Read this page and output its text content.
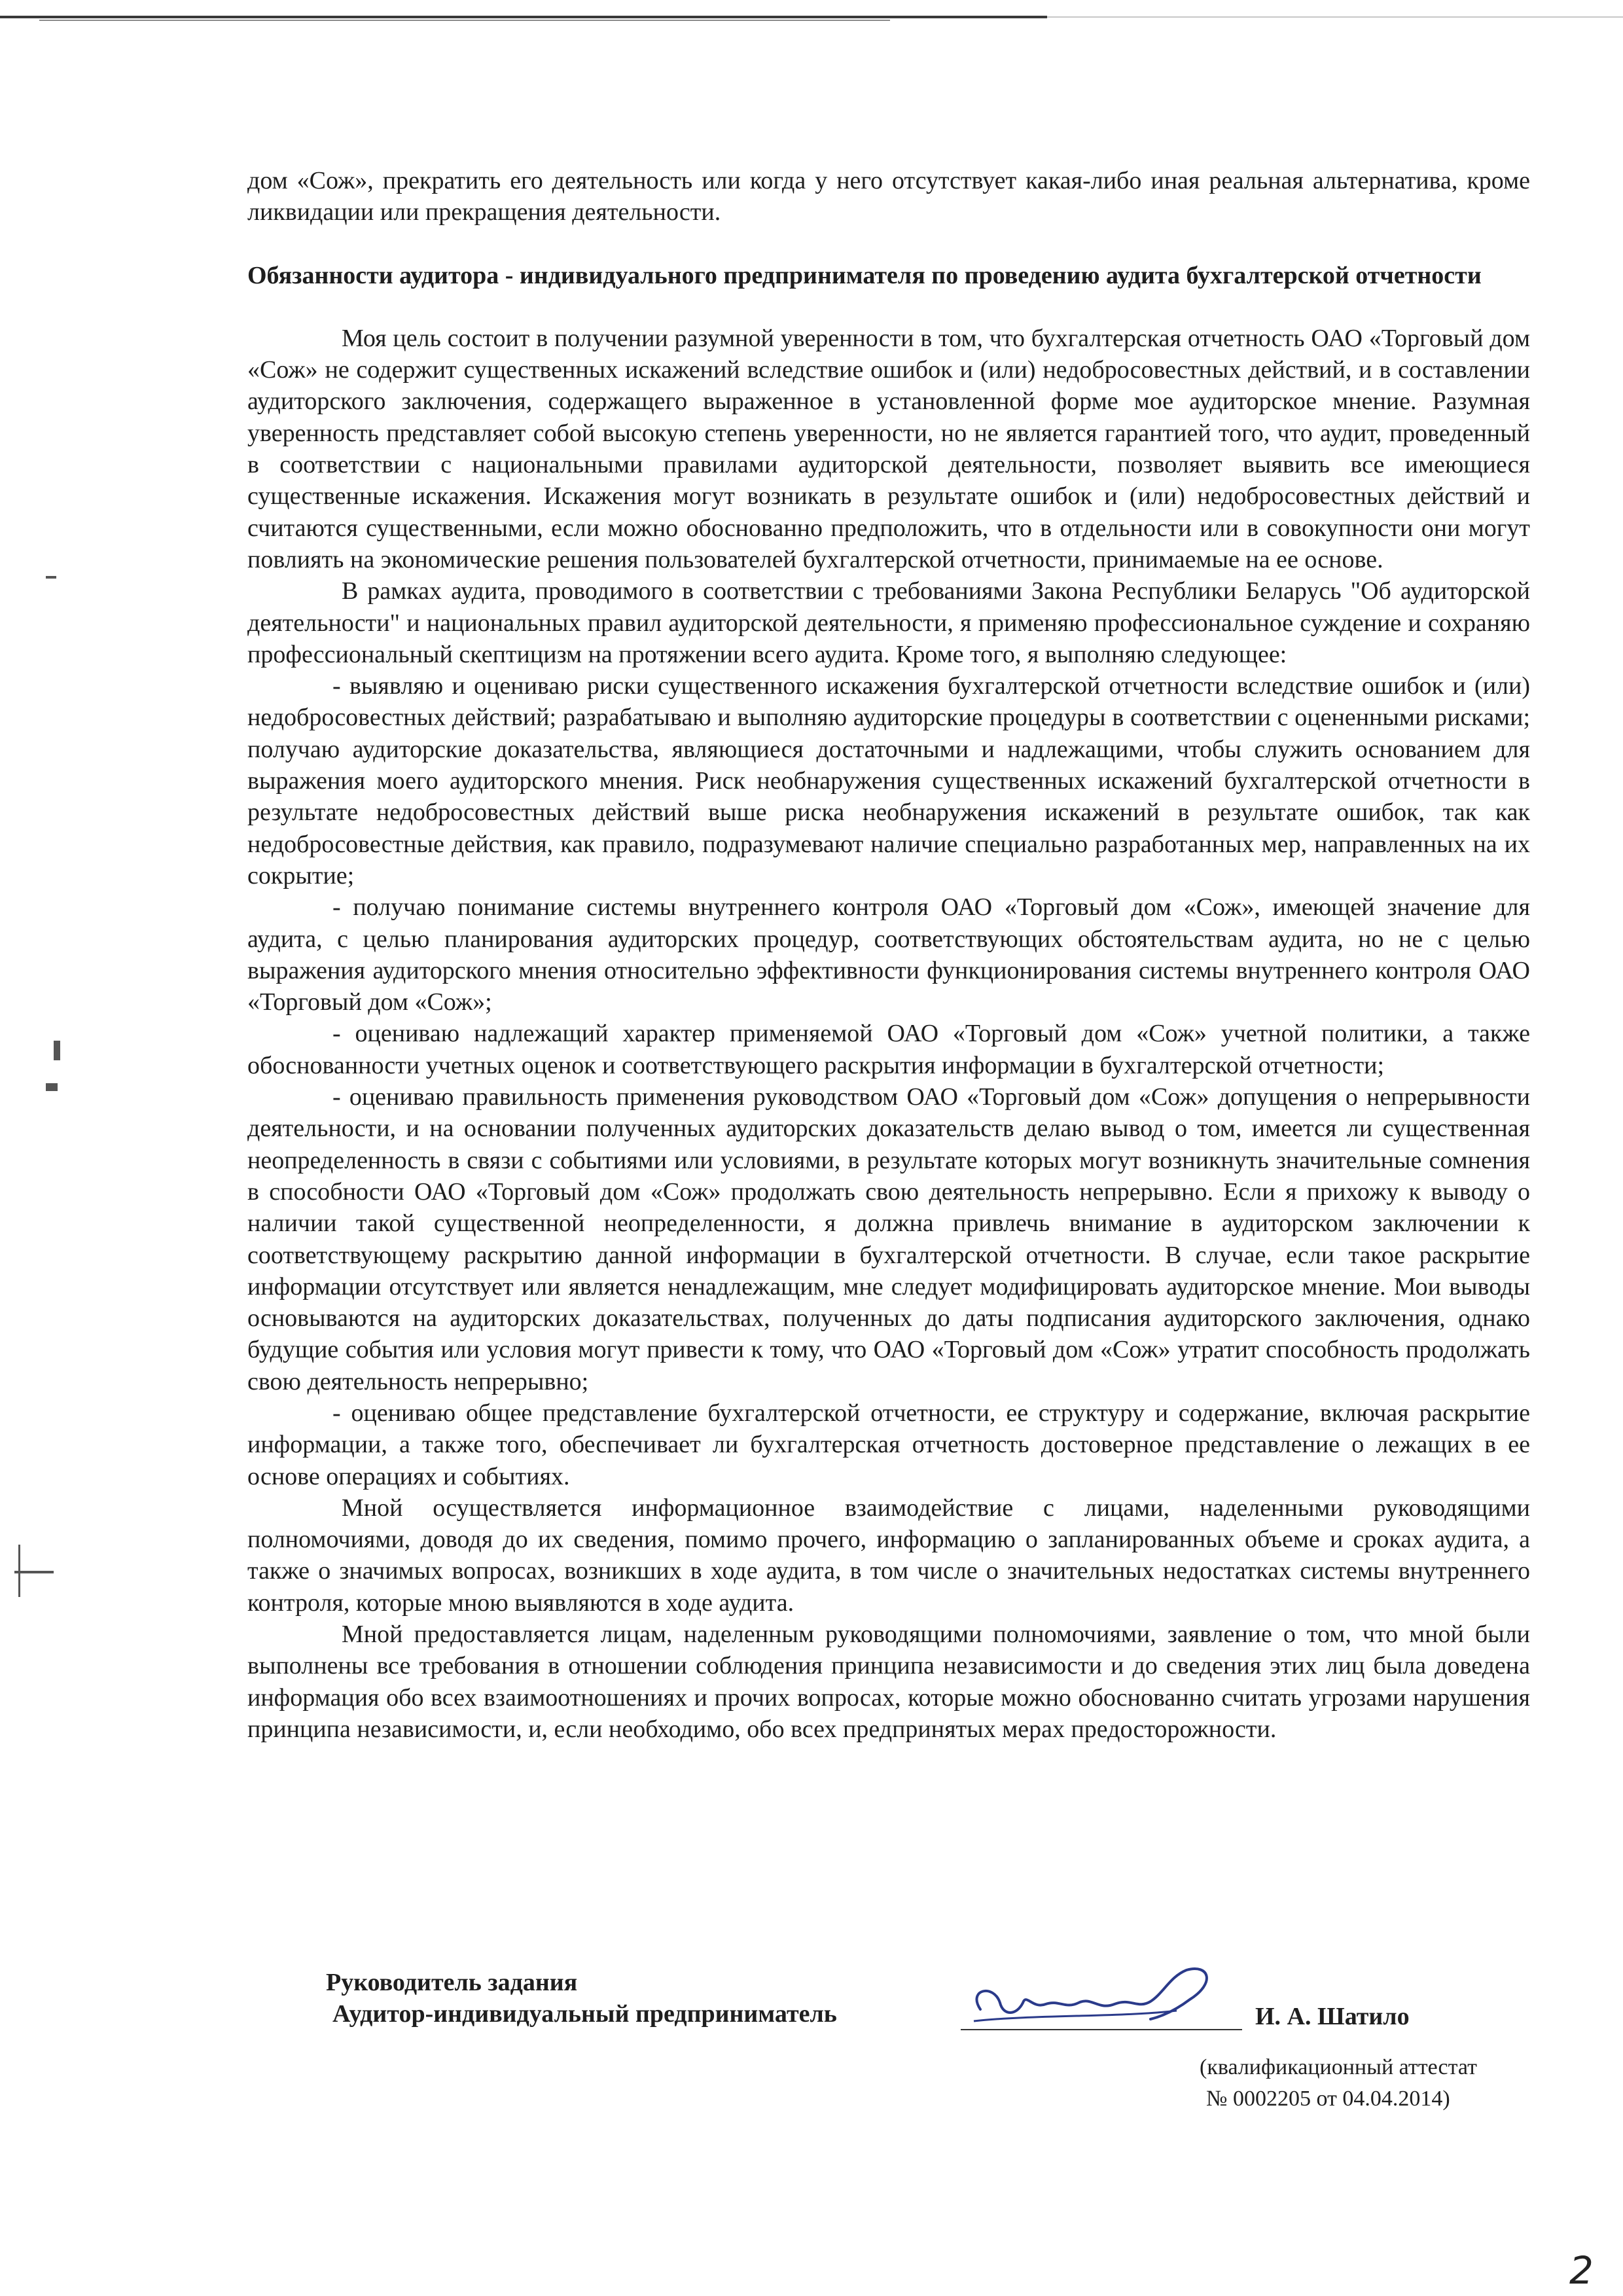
дом «Сож», прекратить его деятельность или когда у него отсутствует какая-либо иная реальная альтернатива, кроме ликвидации или прекращения деятельности.

Обязанности аудитора - индивидуального предпринимателя по проведению аудита бухгалтерской отчетности

Моя цель состоит в получении разумной уверенности в том, что бухгалтерская отчетность ОАО «Торговый дом «Сож» не содержит существенных искажений вследствие ошибок и (или) недобросовестных действий, и в составлении аудиторского заключения, содержащего выраженное в установленной форме мое аудиторское мнение. Разумная уверенность представляет собой высокую степень уверенности, но не является гарантией того, что аудит, проведенный в соответствии с национальными правилами аудиторской деятельности, позволяет выявить все имеющиеся существенные искажения. Искажения могут возникать в результате ошибок и (или) недобросовестных действий и считаются существенными, если можно обоснованно предположить, что в отдельности или в совокупности они могут повлиять на экономические решения пользователей бухгалтерской отчетности, принимаемые на ее основе.

В рамках аудита, проводимого в соответствии с требованиями Закона Республики Беларусь "Об аудиторской деятельности" и национальных правил аудиторской деятельности, я применяю профессиональное суждение и сохраняю профессиональный скептицизм на протяжении всего аудита. Кроме того, я выполняю следующее:

- выявляю и оцениваю риски существенного искажения бухгалтерской отчетности вследствие ошибок и (или) недобросовестных действий; разрабатываю и выполняю аудиторские процедуры в соответствии с оцененными рисками; получаю аудиторские доказательства, являющиеся достаточными и надлежащими, чтобы служить основанием для выражения моего аудиторского мнения. Риск необнаружения существенных искажений бухгалтерской отчетности в результате недобросовестных действий выше риска необнаружения искажений в результате ошибок, так как недобросовестные действия, как правило, подразумевают наличие специально разработанных мер, направленных на их сокрытие;

- получаю понимание системы внутреннего контроля ОАО «Торговый дом «Сож», имеющей значение для аудита, с целью планирования аудиторских процедур, соответствующих обстоятельствам аудита, но не с целью выражения аудиторского мнения относительно эффективности функционирования системы внутреннего контроля ОАО «Торговый дом «Сож»;

- оцениваю надлежащий характер применяемой ОАО «Торговый дом «Сож» учетной политики, а также обоснованности учетных оценок и соответствующего раскрытия информации в бухгалтерской отчетности;

- оцениваю правильность применения руководством ОАО «Торговый дом «Сож» допущения о непрерывности деятельности, и на основании полученных аудиторских доказательств делаю вывод о том, имеется ли существенная неопределенность в связи с событиями или условиями, в результате которых могут возникнуть значительные сомнения в способности ОАО «Торговый дом «Сож» продолжать свою деятельность непрерывно. Если я прихожу к выводу о наличии такой существенной неопределенности, я должна привлечь внимание в аудиторском заключении к соответствующему раскрытию данной информации в бухгалтерской отчетности. В случае, если такое раскрытие информации отсутствует или является ненадлежащим, мне следует модифицировать аудиторское мнение. Мои выводы основываются на аудиторских доказательствах, полученных до даты подписания аудиторского заключения, однако будущие события или условия могут привести к тому, что ОАО «Торговый дом «Сож» утратит способность продолжать свою деятельность непрерывно;

- оцениваю общее представление бухгалтерской отчетности, ее структуру и содержание, включая раскрытие информации, а также того, обеспечивает ли бухгалтерская отчетность достоверное представление о лежащих в ее основе операциях и событиях.

Мной осуществляется информационное взаимодействие с лицами, наделенными руководящими полномочиями, доводя до их сведения, помимо прочего, информацию о запланированных объеме и сроках аудита, а также о значимых вопросах, возникших в ходе аудита, в том числе о значительных недостатках системы внутреннего контроля, которые мною выявляются в ходе аудита.

Мной предоставляется лицам, наделенным руководящими полномочиями, заявление о том, что мной были выполнены все требования в отношении соблюдения принципа независимости и до сведения этих лиц была доведена информация обо всех взаимоотношениях и прочих вопросах, которые можно обоснованно считать угрозами нарушения принципа независимости, и, если необходимо, обо всех предпринятых мерах предосторожности.

Руководитель задания
Аудитор-индивидуальный предприниматель	И. А. Шатило
(квалификационный аттестат
№ 0002205 от 04.04.2014)
2
